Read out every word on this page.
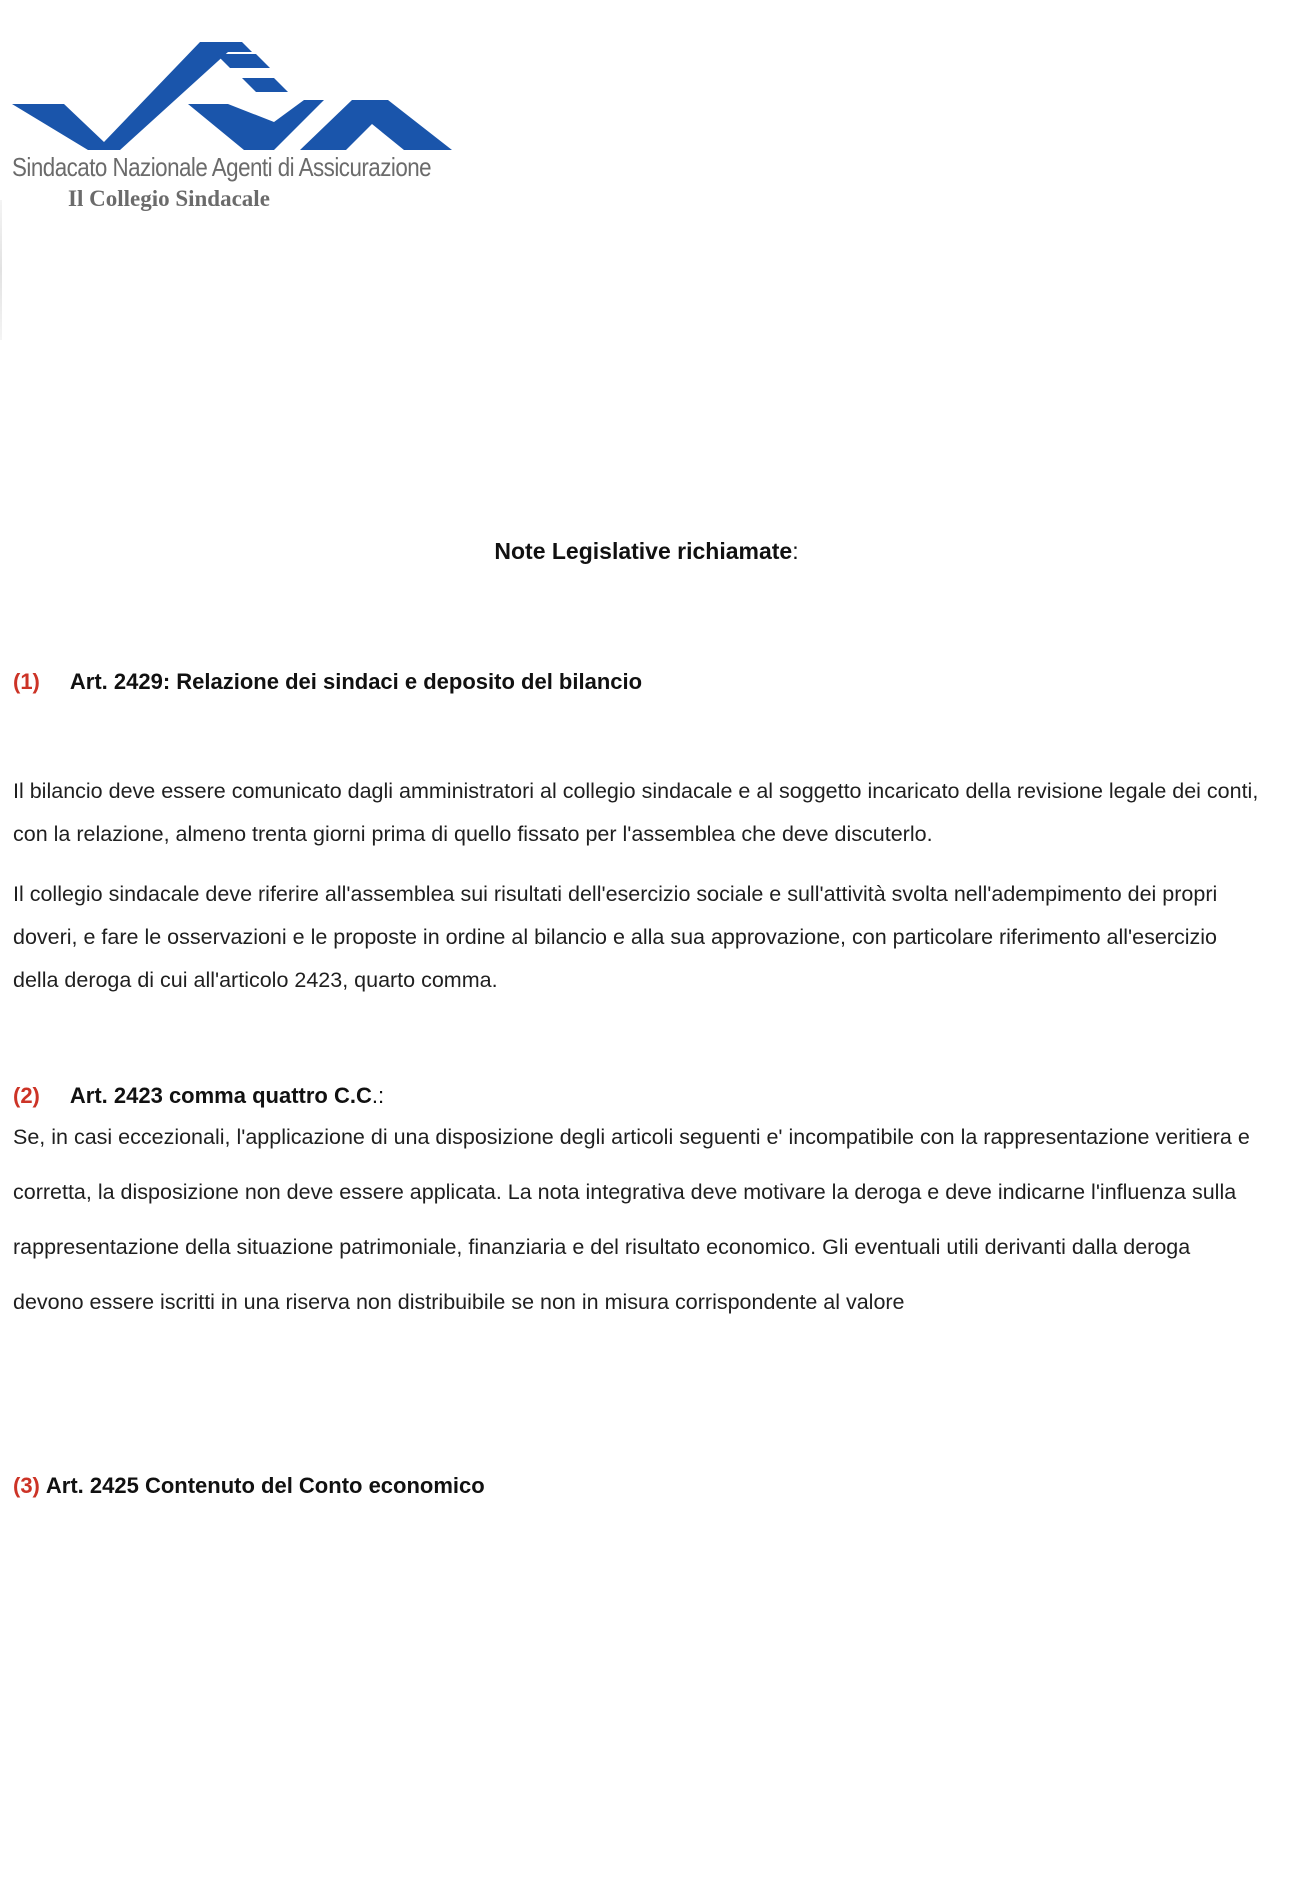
Sindacato Nazionale Agenti di Assicurazione
Il Collegio Sindacale
Note Legislative richiamate:
(1) Art. 2429: Relazione dei sindaci e deposito del bilancio

Il bilancio deve essere comunicato dagli amministratori al collegio sindacale e al soggetto incaricato della revisione legale dei conti, con la relazione, almeno trenta giorni prima di quello fissato per l'assemblea che deve discuterlo.

Il collegio sindacale deve riferire all'assemblea sui risultati dell'esercizio sociale e sull'attività svolta nell'adempimento dei propri doveri, e fare le osservazioni e le proposte in ordine al bilancio e alla sua approvazione, con particolare riferimento all'esercizio della deroga di cui all'articolo 2423, quarto comma.

(2) Art. 2423 comma quattro C.C.:

Se, in casi eccezionali, l'applicazione di una disposizione degli articoli seguenti e' incompatibile con la rappresentazione veritiera e corretta, la disposizione non deve essere applicata. La nota integrativa deve motivare la deroga e deve indicarne l'influenza sulla rappresentazione della situazione patrimoniale, finanziaria e del risultato economico. Gli eventuali utili derivanti dalla deroga devono essere iscritti in una riserva non distribuibile se non in misura corrispondente al valore

(3) Art. 2425 Contenuto del Conto economico
